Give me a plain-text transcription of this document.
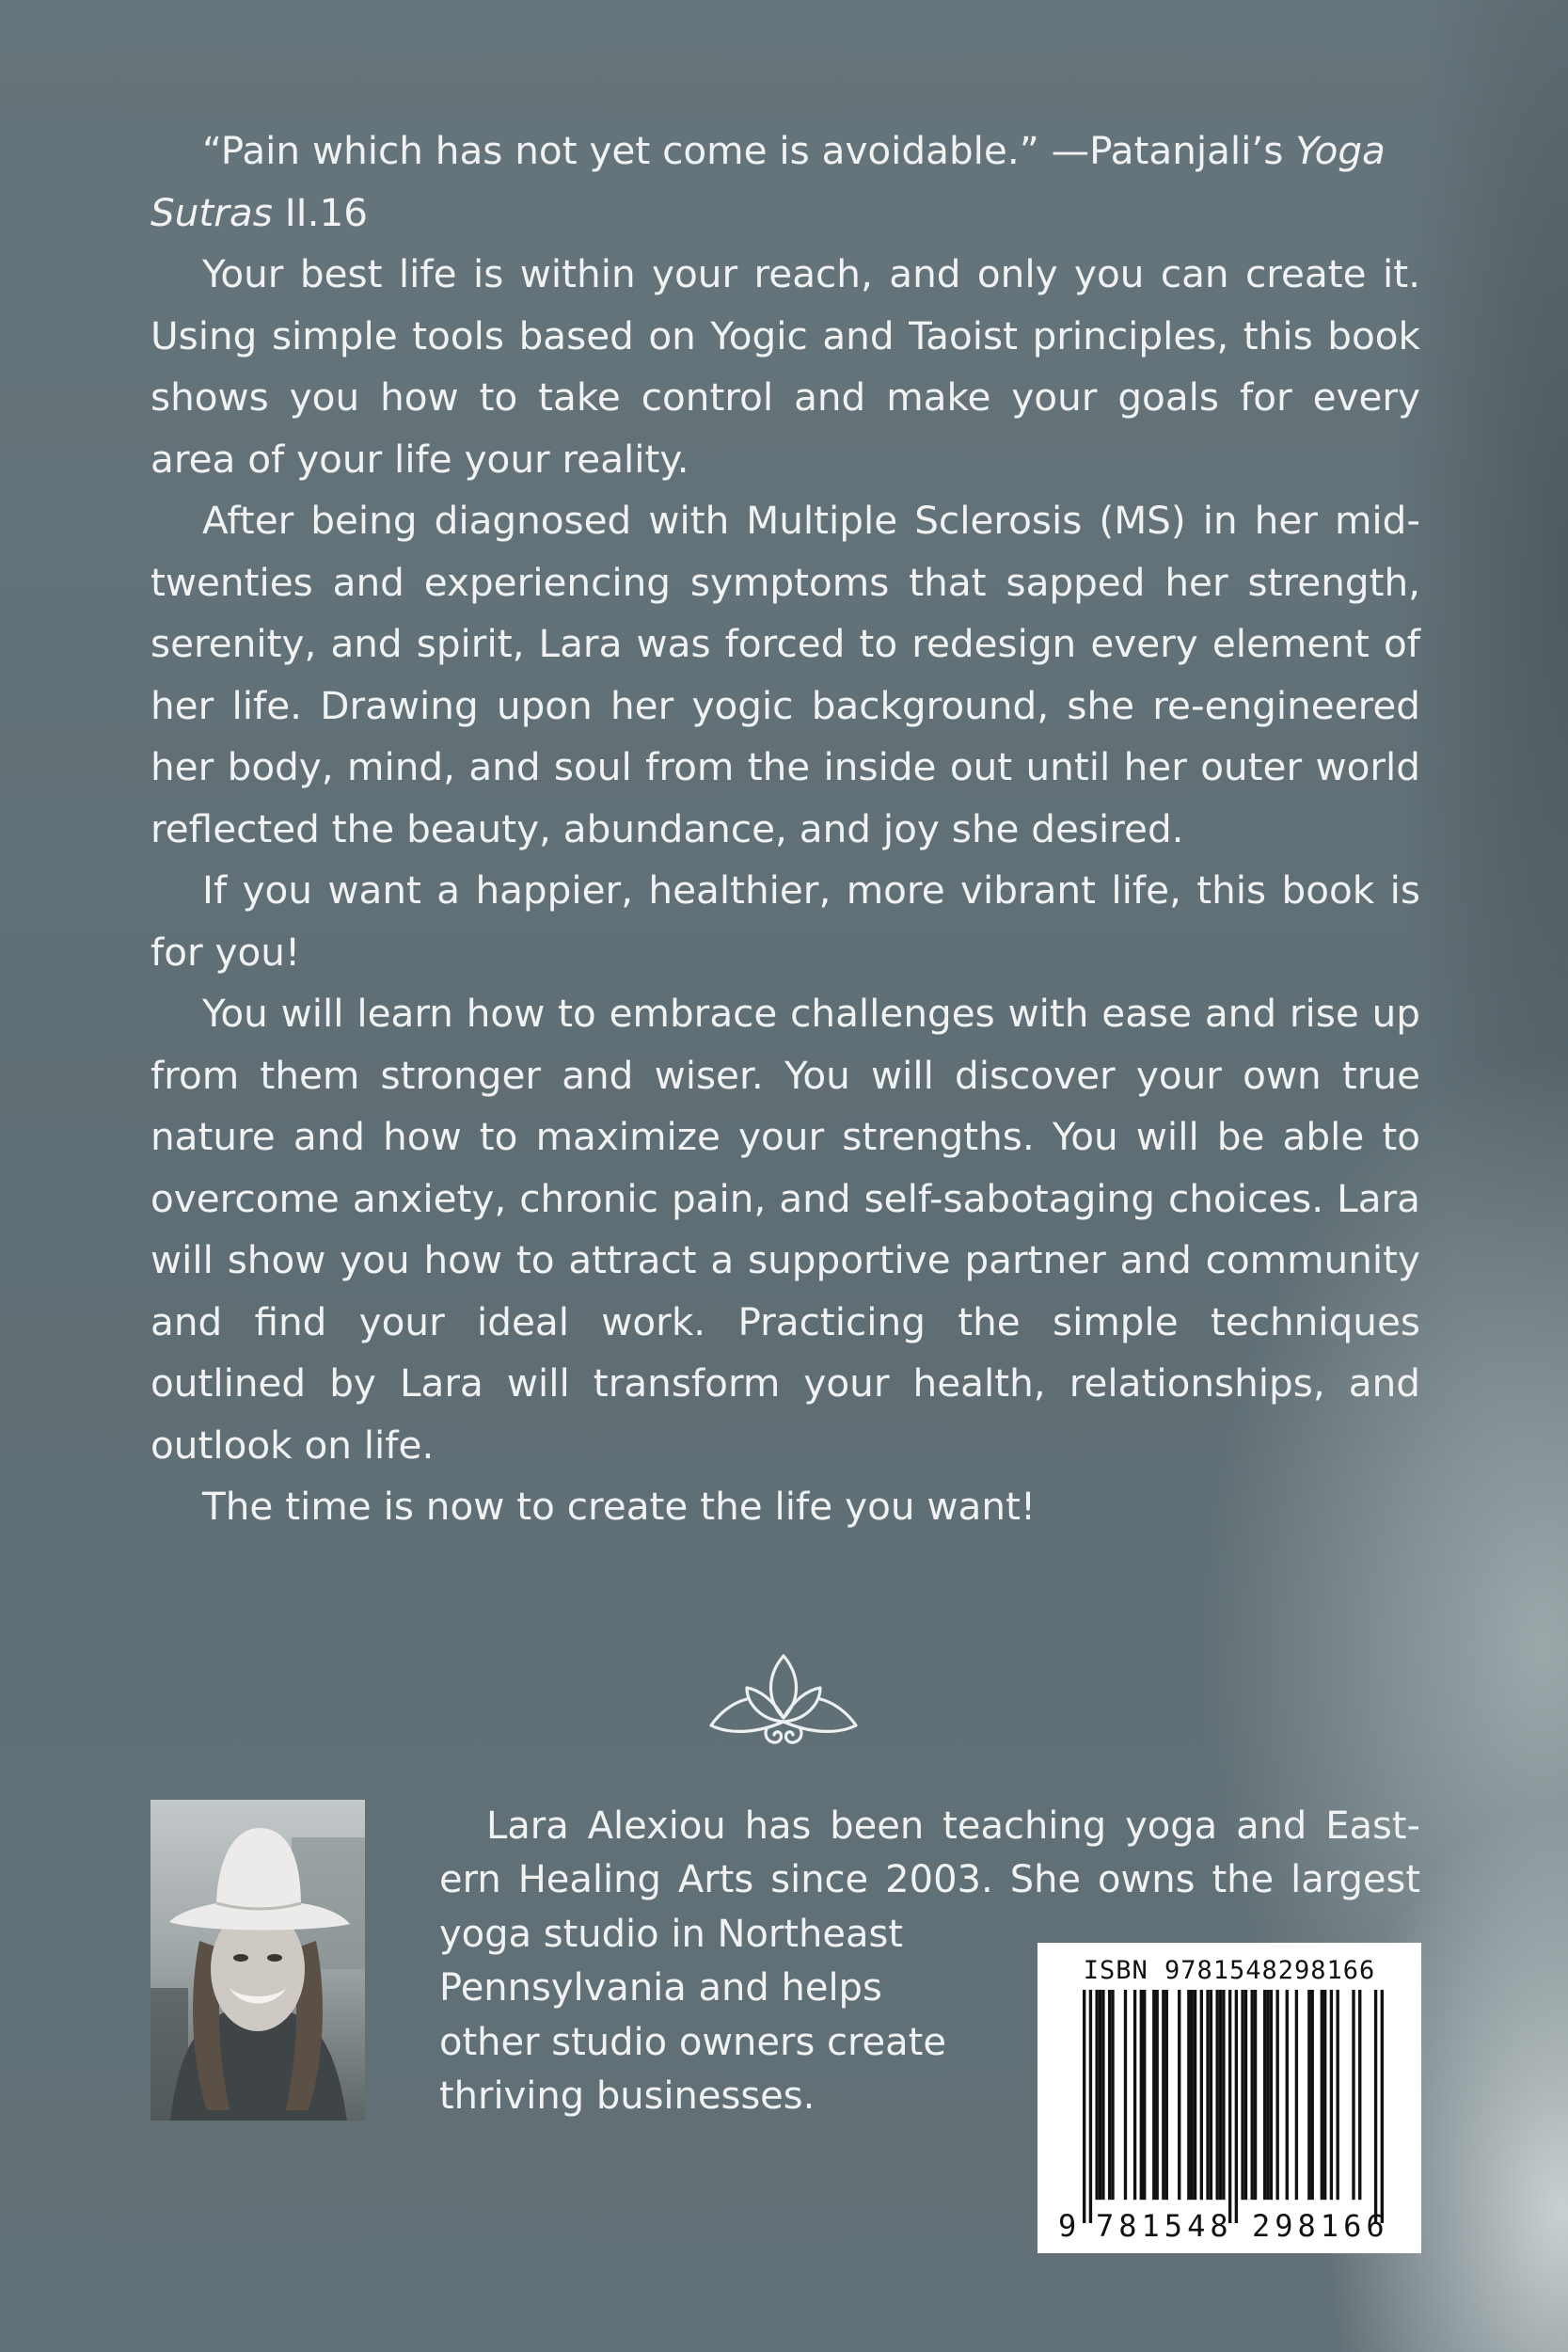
“Pain which has not yet come is avoidable.” —Patanjali’s Yoga Sutras II.16

Your best life is within your reach, and only you can create it. Using simple tools based on Yogic and Taoist principles, this book shows you how to take control and make your goals for every area of your life your reality.

After being diagnosed with Multiple Sclerosis (MS) in her mid-twenties and experiencing symptoms that sapped her strength, serenity, and spirit, Lara was forced to redesign every element of her life. Drawing upon her yogic background, she re-engineered her body, mind, and soul from the inside out until her outer world reflected the beauty, abundance, and joy she desired.

If you want a happier, healthier, more vibrant life, this book is for you!

You will learn how to embrace challenges with ease and rise up from them stronger and wiser. You will discover your own true nature and how to maximize your strengths. You will be able to overcome anxiety, chronic pain, and self-sabotaging choices. Lara will show you how to attract a supportive partner and community and find your ideal work. Practicing the simple techniques outlined by Lara will transform your health, relationships, and outlook on life.

The time is now to create the life you want!

Lara Alexiou has been teaching yoga and East-
ern Healing Arts since 2003. She owns the largest
yoga studio in Northeast
Pennsylvania and helps
other studio owners create
thriving businesses.
ISBN 9781548298166
9 781548 298166
